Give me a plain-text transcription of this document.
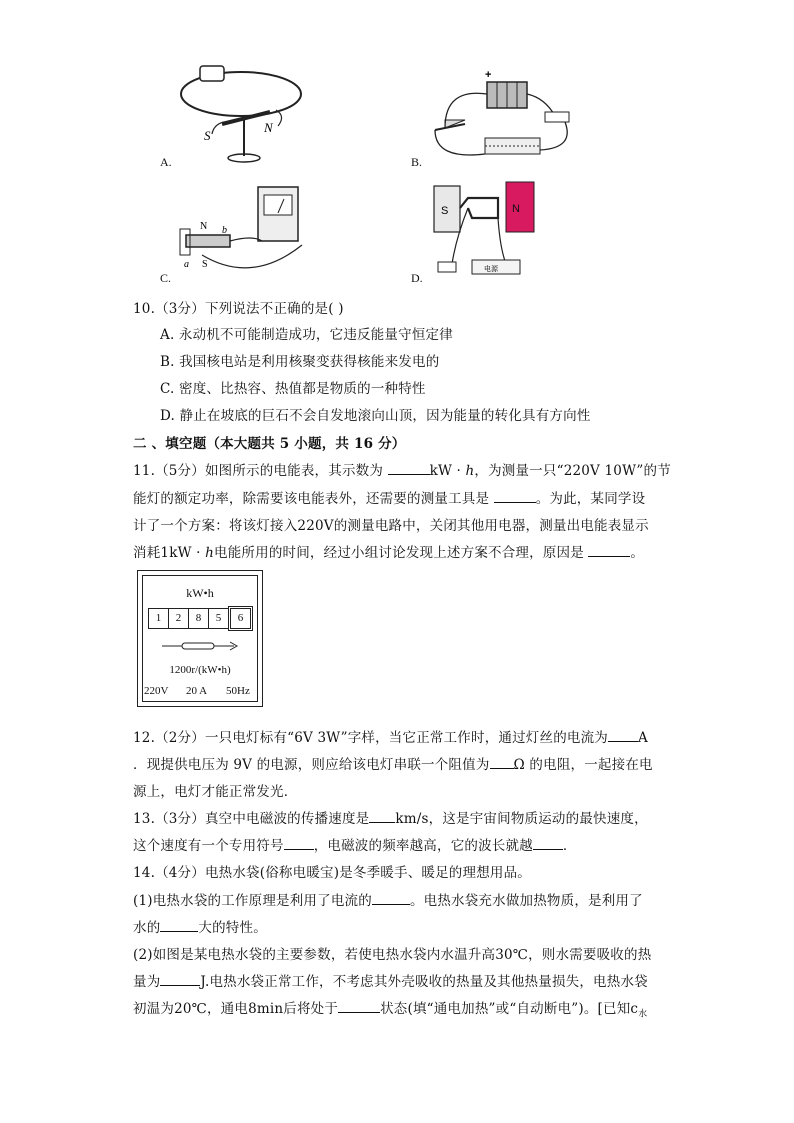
S
N
A.
+
B.
N
S
a
b
C.
S	N
电源
D.
10.（3分）下列说法不正确的是( )
A. 永动机不可能制造成功，它违反能量守恒定律
B. 我国核电站是利用核聚变获得核能来发电的
C. 密度、比热容、热值都是物质的一种特性
D. 静止在坡底的巨石不会自发地滚向山顶，因为能量的转化具有方向性
二 、填空题（本大题共 5 小题，共 16 分）
11.（5分）如图所示的电能表，其示数为	kW · ℎ，为测量一只“220V 10W”的节
能灯的额定功率，除需要该电能表外，还需要的测量工具是	。为此，某同学设
计了一个方案：将该灯接入220V的测量电路中，关闭其他用电器，测量出电能表显示
消耗1kW · ℎ电能所用的时间，经过小组讨论发现上述方案不合理，原因是	。
kW•h
1	2	8	5	6
1200r/(kW•h)
220V 20 A 50Hz
12.（2分）一只电灯标有“6V 3W”字样，当它正常工作时，通过灯丝的电流为 A
．现提供电压为 9V 的电源，则应给该电灯串联一个阻值为 Ω 的电阻，一起接在电
源上，电灯才能正常发光．
13.（3分）真空中电磁波的传播速度是 km/s，这是宇宙间物质运动的最快速度，
这个速度有一个专用符号 ，电磁波的频率越高，它的波长就越 ．
14.（4分）电热水袋(俗称电暖宝)是冬季暖手、暖足的理想用品。
(1)电热水袋的工作原理是利用了电流的	。电热水袋充水做加热物质，是利用了
水的	大的特性。
(2)如图是某电热水袋的主要参数，若使电热水袋内水温升高30℃，则水需要吸收的热
量为	J.电热水袋正常工作，不考虑其外壳吸收的热量及其他热量损失，电热水袋
初温为20℃，通电8min后将处于	状态(填“通电加热”或“自动断电”)。[已知$c_水$
